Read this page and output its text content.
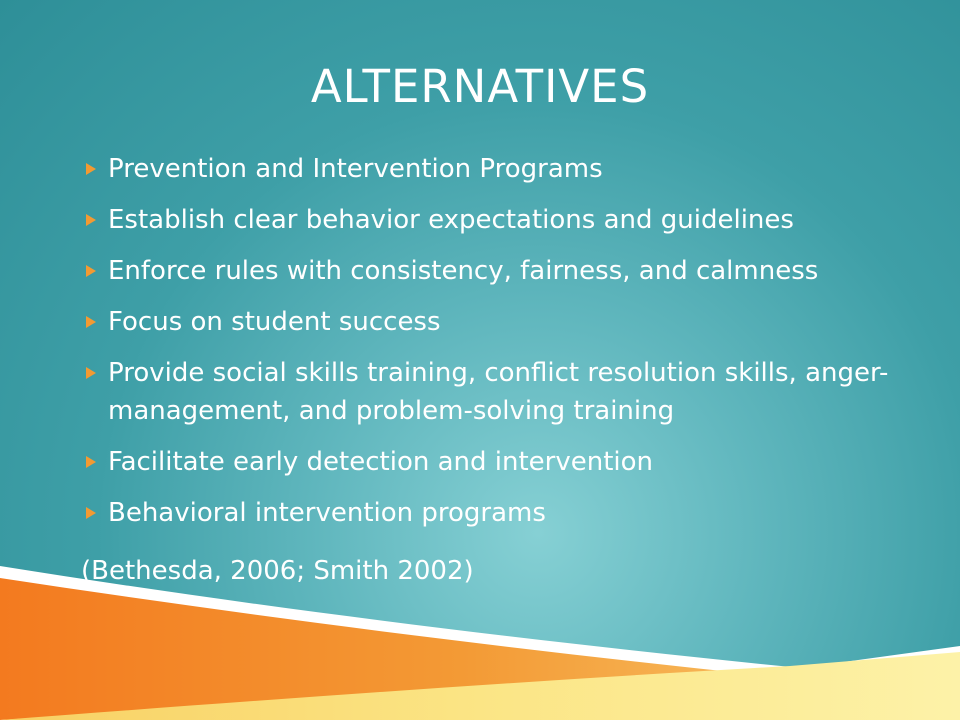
ALTERNATIVES
Prevention and Intervention Programs
Establish clear behavior expectations and guidelines
Enforce rules with consistency, fairness, and calmness
Focus on student success
Provide social skills training, conflict resolution skills, anger-management, and problem-solving training
Facilitate early detection and intervention
Behavioral intervention programs
(Bethesda, 2006; Smith 2002)
